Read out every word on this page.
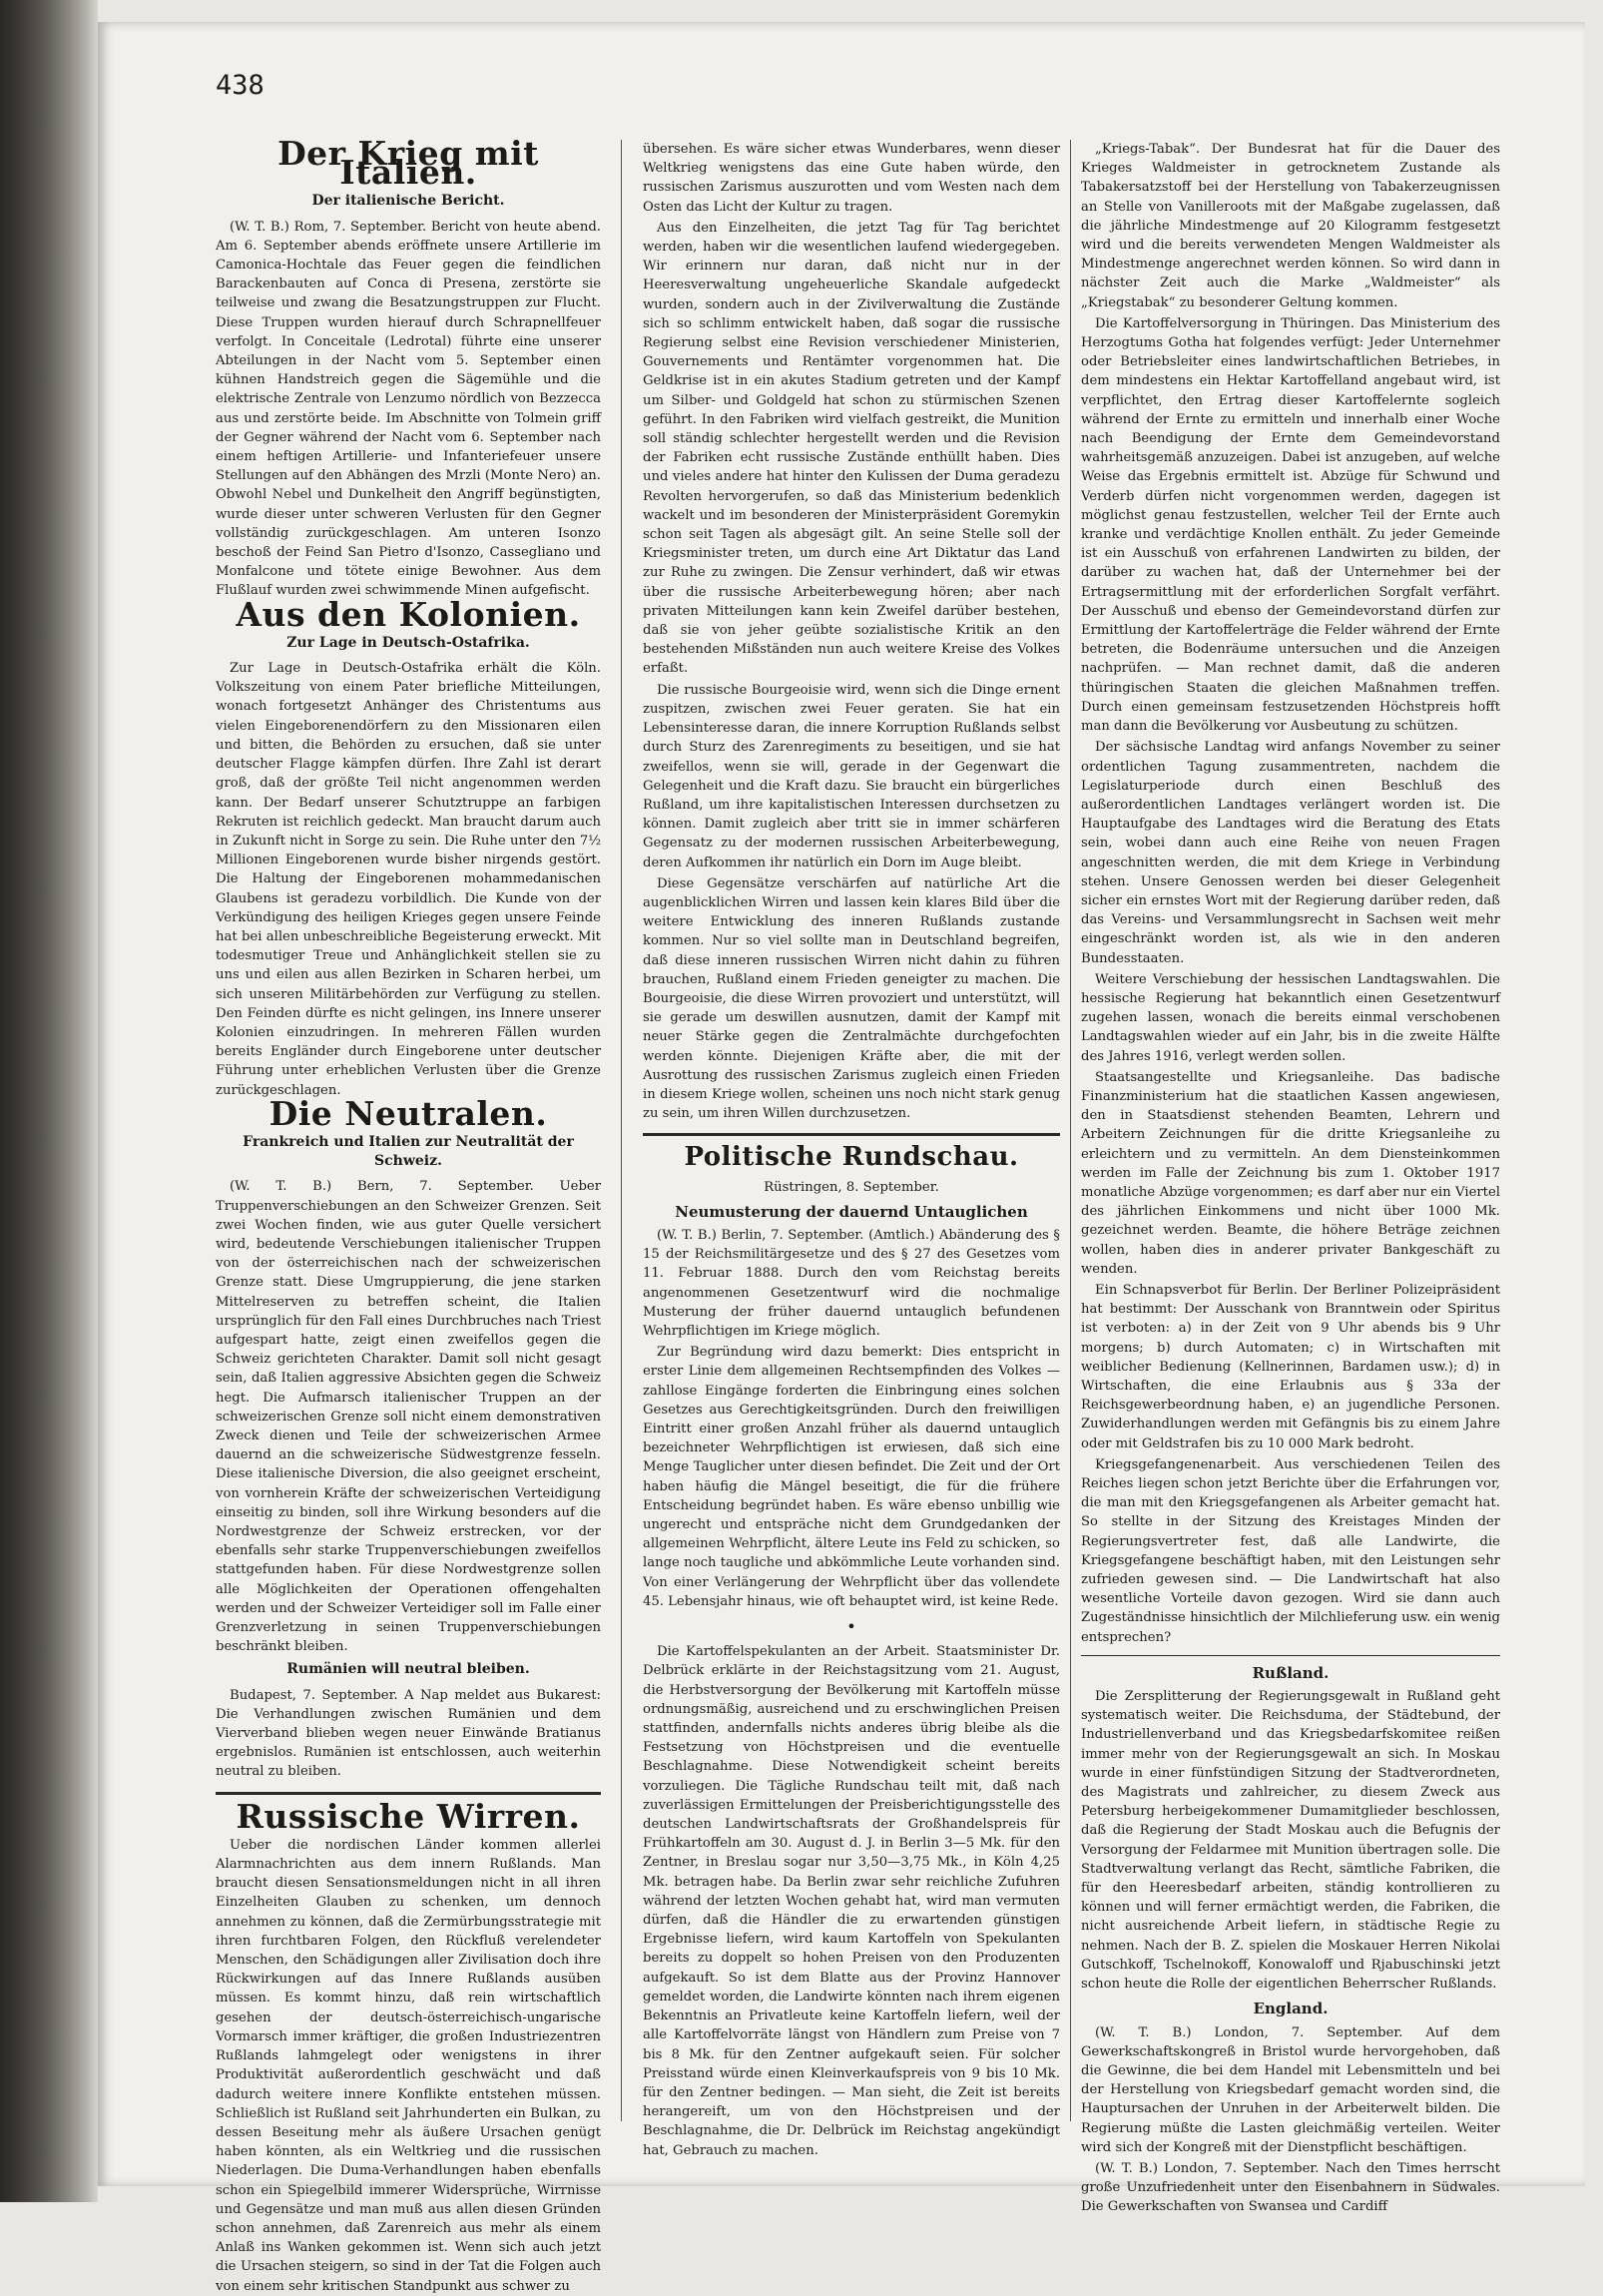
438
Der Krieg mit Italien.
Der italienische Bericht.

(W. T. B.) Rom, 7. September. Bericht von heute abend. Am 6. September abends eröffnete unsere Artillerie im Camonica-Hochtale das Feuer gegen die feindlichen Barackenbauten auf Conca di Presena, zerstörte sie teilweise und zwang die Besatzungstruppen zur Flucht. Diese Truppen wurden hierauf durch Schrapnellfeuer verfolgt. In Conceitale (Ledrotal) führte eine unserer Abteilungen in der Nacht vom 5. September einen kühnen Handstreich gegen die Sägemühle und die elektrische Zentrale von Lenzumo nördlich von Bezzecca aus und zerstörte beide. Im Abschnitte von Tolmein griff der Gegner während der Nacht vom 6. September nach einem heftigen Artillerie- und Infanteriefeuer unsere Stellungen auf den Abhängen des Mrzli (Monte Nero) an. Obwohl Nebel und Dunkelheit den Angriff begünstigten, wurde dieser unter schweren Verlusten für den Gegner vollständig zurückgeschlagen. Am unteren Isonzo beschoß der Feind San Pietro d'Isonzo, Cassegliano und Monfalcone und tötete einige Bewohner. Aus dem Flußlauf wurden zwei schwimmende Minen aufgefischt.

Aus den Kolonien.
Zur Lage in Deutsch-Ostafrika.

Zur Lage in Deutsch-Ostafrika erhält die Köln. Volkszeitung von einem Pater briefliche Mitteilungen, wonach fortgesetzt Anhänger des Christentums aus vielen Eingeborenendörfern zu den Missionaren eilen und bitten, die Behörden zu ersuchen, daß sie unter deutscher Flagge kämpfen dürfen. Ihre Zahl ist derart groß, daß der größte Teil nicht angenommen werden kann. Der Bedarf unserer Schutztruppe an farbigen Rekruten ist reichlich gedeckt. Man braucht darum auch in Zukunft nicht in Sorge zu sein. Die Ruhe unter den 7½ Millionen Eingeborenen wurde bisher nirgends gestört. Die Haltung der Eingeborenen mohammedanischen Glaubens ist geradezu vorbildlich. Die Kunde von der Verkündigung des heiligen Krieges gegen unsere Feinde hat bei allen unbeschreibliche Begeisterung erweckt. Mit todesmutiger Treue und Anhänglichkeit stellen sie zu uns und eilen aus allen Bezirken in Scharen herbei, um sich unseren Militärbehörden zur Verfügung zu stellen. Den Feinden dürfte es nicht gelingen, ins Innere unserer Kolonien einzudringen. In mehreren Fällen wurden bereits Engländer durch Eingeborene unter deutscher Führung unter erheblichen Verlusten über die Grenze zurückgeschlagen.

Die Neutralen.
Frankreich und Italien zur Neutralität der Schweiz.

(W. T. B.) Bern, 7. September. Ueber Truppenverschiebungen an den Schweizer Grenzen. Seit zwei Wochen finden, wie aus guter Quelle versichert wird, bedeutende Verschiebungen italienischer Truppen von der österreichischen nach der schweizerischen Grenze statt. Diese Umgruppierung, die jene starken Mittelreserven zu betreffen scheint, die Italien ursprünglich für den Fall eines Durchbruches nach Triest aufgespart hatte, zeigt einen zweifellos gegen die Schweiz gerichteten Charakter. Damit soll nicht gesagt sein, daß Italien aggressive Absichten gegen die Schweiz hegt. Die Aufmarsch italienischer Truppen an der schweizerischen Grenze soll nicht einem demonstrativen Zweck dienen und Teile der schweizerischen Armee dauernd an die schweizerische Südwestgrenze fesseln. Diese italienische Diversion, die also geeignet erscheint, von vornherein Kräfte der schweizerischen Verteidigung einseitig zu binden, soll ihre Wirkung besonders auf die Nordwestgrenze der Schweiz erstrecken, vor der ebenfalls sehr starke Truppenverschiebungen zweifellos stattgefunden haben. Für diese Nordwestgrenze sollen alle Möglichkeiten der Operationen offengehalten werden und der Schweizer Verteidiger soll im Falle einer Grenzverletzung in seinen Truppenverschiebungen beschränkt bleiben.

Rumänien will neutral bleiben.

Budapest, 7. September. A Nap meldet aus Bukarest: Die Verhandlungen zwischen Rumänien und dem Vierverband blieben wegen neuer Einwände Bratianus ergebnislos. Rumänien ist entschlossen, auch weiterhin neutral zu bleiben.

Russische Wirren.

Ueber die nordischen Länder kommen allerlei Alarmnachrichten aus dem innern Rußlands. Man braucht diesen Sensationsmeldungen nicht in all ihren Einzelheiten Glauben zu schenken, um dennoch annehmen zu können, daß die Zermürbungsstrategie mit ihren furchtbaren Folgen, den Rückfluß verelendeter Menschen, den Schädigungen aller Zivilisation doch ihre Rückwirkungen auf das Innere Rußlands ausüben müssen. Es kommt hinzu, daß rein wirtschaftlich gesehen der deutsch-österreichisch-ungarische Vormarsch immer kräftiger, die großen Industriezentren Rußlands lahmgelegt oder wenigstens in ihrer Produktivität außerordentlich geschwächt und daß dadurch weitere innere Konflikte entstehen müssen. Schließlich ist Rußland seit Jahrhunderten ein Bulkan, zu dessen Beseitung mehr als äußere Ursachen genügt haben könnten, als ein Weltkrieg und die russischen Niederlagen. Die Duma-Verhandlungen haben ebenfalls schon ein Spiegelbild immerer Widersprüche, Wirrnisse und Gegensätze und man muß aus allen diesen Gründen schon annehmen, daß Zarenreich aus mehr als einem Anlaß ins Wanken gekommen ist. Wenn sich auch jetzt die Ursachen steigern, so sind in der Tat die Folgen auch von einem sehr kritischen Standpunkt aus schwer zu

übersehen. Es wäre sicher etwas Wunderbares, wenn dieser Weltkrieg wenigstens das eine Gute haben würde, den russischen Zarismus auszurotten und vom Westen nach dem Osten das Licht der Kultur zu tragen.

Aus den Einzelheiten, die jetzt Tag für Tag berichtet werden, haben wir die wesentlichen laufend wiedergegeben. Wir erinnern nur daran, daß nicht nur in der Heeresverwaltung ungeheuerliche Skandale aufgedeckt wurden, sondern auch in der Zivilverwaltung die Zustände sich so schlimm entwickelt haben, daß sogar die russische Regierung selbst eine Revision verschiedener Ministerien, Gouvernements und Rentämter vorgenommen hat. Die Geldkrise ist in ein akutes Stadium getreten und der Kampf um Silber- und Goldgeld hat schon zu stürmischen Szenen geführt. In den Fabriken wird vielfach gestreikt, die Munition soll ständig schlechter hergestellt werden und die Revision der Fabriken echt russische Zustände enthüllt haben. Dies und vieles andere hat hinter den Kulissen der Duma geradezu Revolten hervorgerufen, so daß das Ministerium bedenklich wackelt und im besonderen der Ministerpräsident Goremykin schon seit Tagen als abgesägt gilt. An seine Stelle soll der Kriegsminister treten, um durch eine Art Diktatur das Land zur Ruhe zu zwingen. Die Zensur verhindert, daß wir etwas über die russische Arbeiterbewegung hören; aber nach privaten Mitteilungen kann kein Zweifel darüber bestehen, daß sie von jeher geübte sozialistische Kritik an den bestehenden Mißständen nun auch weitere Kreise des Volkes erfaßt.

Die russische Bourgeoisie wird, wenn sich die Dinge ernent zuspitzen, zwischen zwei Feuer geraten. Sie hat ein Lebensinteresse daran, die innere Korruption Rußlands selbst durch Sturz des Zarenregiments zu beseitigen, und sie hat zweifellos, wenn sie will, gerade in der Gegenwart die Gelegenheit und die Kraft dazu. Sie braucht ein bürgerliches Rußland, um ihre kapitalistischen Interessen durchsetzen zu können. Damit zugleich aber tritt sie in immer schärferen Gegensatz zu der modernen russischen Arbeiterbewegung, deren Aufkommen ihr natürlich ein Dorn im Auge bleibt.

Diese Gegensätze verschärfen auf natürliche Art die augenblicklichen Wirren und lassen kein klares Bild über die weitere Entwicklung des inneren Rußlands zustande kommen. Nur so viel sollte man in Deutschland begreifen, daß diese inneren russischen Wirren nicht dahin zu führen brauchen, Rußland einem Frieden geneigter zu machen. Die Bourgeoisie, die diese Wirren provoziert und unterstützt, will sie gerade um deswillen ausnutzen, damit der Kampf mit neuer Stärke gegen die Zentralmächte durchgefochten werden könnte. Diejenigen Kräfte aber, die mit der Ausrottung des russischen Zarismus zugleich einen Frieden in diesem Kriege wollen, scheinen uns noch nicht stark genug zu sein, um ihren Willen durchzusetzen.

Politische Rundschau.
Rüstringen, 8. September.
Neumusterung der dauernd Untauglichen

(W. T. B.) Berlin, 7. September. (Amtlich.) Abänderung des § 15 der Reichsmilitärgesetze und des § 27 des Gesetzes vom 11. Februar 1888. Durch den vom Reichstag bereits angenommenen Gesetzentwurf wird die nochmalige Musterung der früher dauernd untauglich befundenen Wehrpflichtigen im Kriege möglich.

Zur Begründung wird dazu bemerkt: Dies entspricht in erster Linie dem allgemeinen Rechtsempfinden des Volkes — zahllose Eingänge forderten die Einbringung eines solchen Gesetzes aus Gerechtigkeitsgründen. Durch den freiwilligen Eintritt einer großen Anzahl früher als dauernd untauglich bezeichneter Wehrpflichtigen ist erwiesen, daß sich eine Menge Tauglicher unter diesen befindet. Die Zeit und der Ort haben häufig die Mängel beseitigt, die für die frühere Entscheidung begründet haben. Es wäre ebenso unbillig wie ungerecht und entspräche nicht dem Grundgedanken der allgemeinen Wehrpflicht, ältere Leute ins Feld zu schicken, so lange noch taugliche und abkömmliche Leute vorhanden sind. Von einer Verlängerung der Wehrpflicht über das vollendete 45. Lebensjahr hinaus, wie oft behauptet wird, ist keine Rede.

•

Die Kartoffelspekulanten an der Arbeit. Staatsminister Dr. Delbrück erklärte in der Reichstagsitzung vom 21. August, die Herbstversorgung der Bevölkerung mit Kartoffeln müsse ordnungsmäßig, ausreichend und zu erschwinglichen Preisen stattfinden, andernfalls nichts anderes übrig bleibe als die Festsetzung von Höchstpreisen und die eventuelle Beschlagnahme. Diese Notwendigkeit scheint bereits vorzuliegen. Die Tägliche Rundschau teilt mit, daß nach zuverlässigen Ermittelungen der Preisberichtigungsstelle des deutschen Landwirtschaftsrats der Großhandelspreis für Frühkartoffeln am 30. August d. J. in Berlin 3—5 Mk. für den Zentner, in Breslau sogar nur 3,50—3,75 Mk., in Köln 4,25 Mk. betragen habe. Da Berlin zwar sehr reichliche Zufuhren während der letzten Wochen gehabt hat, wird man vermuten dürfen, daß die Händler die zu erwartenden günstigen Ergebnisse liefern, wird kaum Kartoffeln von Spekulanten bereits zu doppelt so hohen Preisen von den Produzenten aufgekauft. So ist dem Blatte aus der Provinz Hannover gemeldet worden, die Landwirte könnten nach ihrem eigenen Bekenntnis an Privatleute keine Kartoffeln liefern, weil der alle Kartoffelvorräte längst von Händlern zum Preise von 7 bis 8 Mk. für den Zentner aufgekauft seien. Für solcher Preisstand würde einen Kleinverkaufspreis von 9 bis 10 Mk. für den Zentner bedingen. — Man sieht, die Zeit ist bereits herangereift, um von den Höchstpreisen und der Beschlagnahme, die Dr. Delbrück im Reichstag angekündigt hat, Gebrauch zu machen.

„Kriegs-Tabak“. Der Bundesrat hat für die Dauer des Krieges Waldmeister in getrocknetem Zustande als Tabakersatzstoff bei der Herstellung von Tabakerzeugnissen an Stelle von Vanilleroots mit der Maßgabe zugelassen, daß die jährliche Mindestmenge auf 20 Kilogramm festgesetzt wird und die bereits verwendeten Mengen Waldmeister als Mindestmenge angerechnet werden können. So wird dann in nächster Zeit auch die Marke „Waldmeister“ als „Kriegstabak“ zu besonderer Geltung kommen.

Die Kartoffelversorgung in Thüringen. Das Ministerium des Herzogtums Gotha hat folgendes verfügt: Jeder Unternehmer oder Betriebsleiter eines landwirtschaftlichen Betriebes, in dem mindestens ein Hektar Kartoffelland angebaut wird, ist verpflichtet, den Ertrag dieser Kartoffelernte sogleich während der Ernte zu ermitteln und innerhalb einer Woche nach Beendigung der Ernte dem Gemeindevorstand wahrheitsgemäß anzuzeigen. Dabei ist anzugeben, auf welche Weise das Ergebnis ermittelt ist. Abzüge für Schwund und Verderb dürfen nicht vorgenommen werden, dagegen ist möglichst genau festzustellen, welcher Teil der Ernte auch kranke und verdächtige Knollen enthält. Zu jeder Gemeinde ist ein Ausschuß von erfahrenen Landwirten zu bilden, der darüber zu wachen hat, daß der Unternehmer bei der Ertragsermittlung mit der erforderlichen Sorgfalt verfährt. Der Ausschuß und ebenso der Gemeindevorstand dürfen zur Ermittlung der Kartoffelerträge die Felder während der Ernte betreten, die Bodenräume untersuchen und die Anzeigen nachprüfen. — Man rechnet damit, daß die anderen thüringischen Staaten die gleichen Maßnahmen treffen. Durch einen gemeinsam festzusetzenden Höchstpreis hofft man dann die Bevölkerung vor Ausbeutung zu schützen.

Der sächsische Landtag wird anfangs November zu seiner ordentlichen Tagung zusammentreten, nachdem die Legislaturperiode durch einen Beschluß des außerordentlichen Landtages verlängert worden ist. Die Hauptaufgabe des Landtages wird die Beratung des Etats sein, wobei dann auch eine Reihe von neuen Fragen angeschnitten werden, die mit dem Kriege in Verbindung stehen. Unsere Genossen werden bei dieser Gelegenheit sicher ein ernstes Wort mit der Regierung darüber reden, daß das Vereins- und Versammlungsrecht in Sachsen weit mehr eingeschränkt worden ist, als wie in den anderen Bundesstaaten.

Weitere Verschiebung der hessischen Landtagswahlen. Die hessische Regierung hat bekanntlich einen Gesetzentwurf zugehen lassen, wonach die bereits einmal verschobenen Landtagswahlen wieder auf ein Jahr, bis in die zweite Hälfte des Jahres 1916, verlegt werden sollen.

Staatsangestellte und Kriegsanleihe. Das badische Finanzministerium hat die staatlichen Kassen angewiesen, den in Staatsdienst stehenden Beamten, Lehrern und Arbeitern Zeichnungen für die dritte Kriegsanleihe zu erleichtern und zu vermitteln. An dem Diensteinkommen werden im Falle der Zeichnung bis zum 1. Oktober 1917 monatliche Abzüge vorgenommen; es darf aber nur ein Viertel des jährlichen Einkommens und nicht über 1000 Mk. gezeichnet werden. Beamte, die höhere Beträge zeichnen wollen, haben dies in anderer privater Bankgeschäft zu wenden.

Ein Schnapsverbot für Berlin. Der Berliner Polizeipräsident hat bestimmt: Der Ausschank von Branntwein oder Spiritus ist verboten: a) in der Zeit von 9 Uhr abends bis 9 Uhr morgens; b) durch Automaten; c) in Wirtschaften mit weiblicher Bedienung (Kellnerinnen, Bardamen usw.); d) in Wirtschaften, die eine Erlaubnis aus § 33a der Reichsgewerbeordnung haben, e) an jugendliche Personen. Zuwiderhandlungen werden mit Gefängnis bis zu einem Jahre oder mit Geldstrafen bis zu 10 000 Mark bedroht.

Kriegsgefangenenarbeit. Aus verschiedenen Teilen des Reiches liegen schon jetzt Berichte über die Erfahrungen vor, die man mit den Kriegsgefangenen als Arbeiter gemacht hat. So stellte in der Sitzung des Kreistages Minden der Regierungsvertreter fest, daß alle Landwirte, die Kriegsgefangene beschäftigt haben, mit den Leistungen sehr zufrieden gewesen sind. — Die Landwirtschaft hat also wesentliche Vorteile davon gezogen. Wird sie dann auch Zugeständnisse hinsichtlich der Milchlieferung usw. ein wenig entsprechen?

Rußland.

Die Zersplitterung der Regierungsgewalt in Rußland geht systematisch weiter. Die Reichsduma, der Städtebund, der Industriellenverband und das Kriegsbedarfskomitee reißen immer mehr von der Regierungsgewalt an sich. In Moskau wurde in einer fünfstündigen Sitzung der Stadtverordneten, des Magistrats und zahlreicher, zu diesem Zweck aus Petersburg herbeigekommener Dumamitglieder beschlossen, daß die Regierung der Stadt Moskau auch die Befugnis der Versorgung der Feldarmee mit Munition übertragen solle. Die Stadtverwaltung verlangt das Recht, sämtliche Fabriken, die für den Heeresbedarf arbeiten, ständig kontrollieren zu können und will ferner ermächtigt werden, die Fabriken, die nicht ausreichende Arbeit liefern, in städtische Regie zu nehmen. Nach der B. Z. spielen die Moskauer Herren Nikolai Gutschkoff, Tschelnokoff, Konowaloff und Rjabuschinski jetzt schon heute die Rolle der eigentlichen Beherrscher Rußlands.

England.

(W. T. B.) London, 7. September. Auf dem Gewerkschaftskongreß in Bristol wurde hervorgehoben, daß die Gewinne, die bei dem Handel mit Lebensmitteln und bei der Herstellung von Kriegsbedarf gemacht worden sind, die Hauptursachen der Unruhen in der Arbeiterwelt bilden. Die Regierung müßte die Lasten gleichmäßig verteilen. Weiter wird sich der Kongreß mit der Dienstpflicht beschäftigen.

(W. T. B.) London, 7. September. Nach den Times herrscht große Unzufriedenheit unter den Eisenbahnern in Südwales. Die Gewerkschaften von Swansea und Cardiff
